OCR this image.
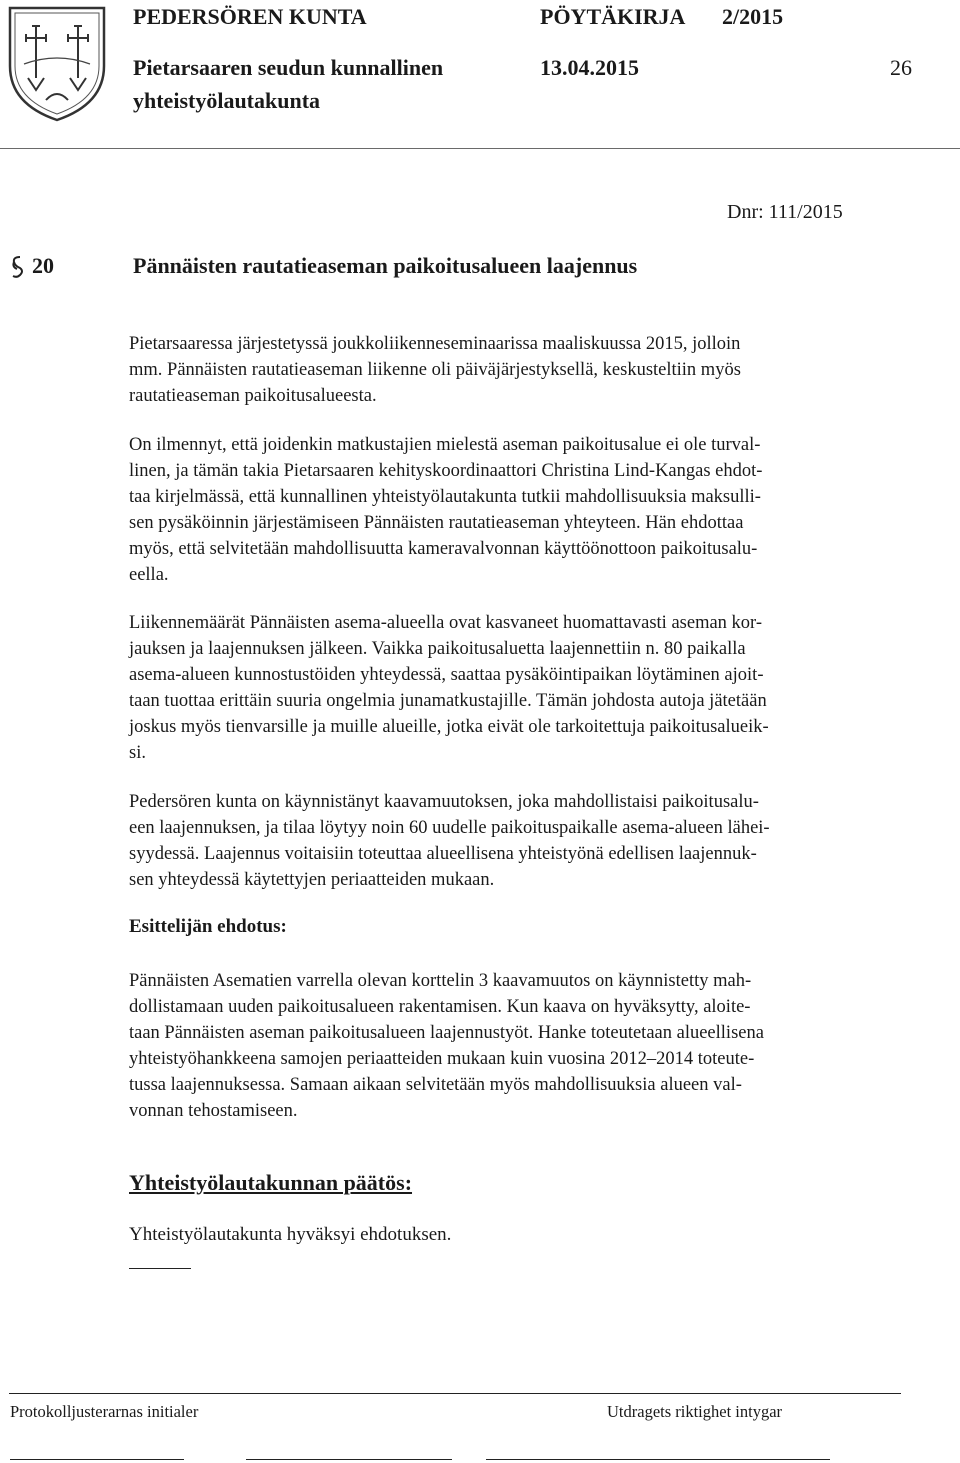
PEDERSÖREN KUNTA
Pietarsaaren seudun kunnallinen
yhteistyölautakunta
PÖYTÄKIRJA 2/2015
13.04.2015	26
Dnr: 111/2015
20	Pännäisten rautatieaseman paikoitusalueen laajennus
Pietarsaaressa järjestetyssä joukkoliikenneseminaarissa maaliskuussa 2015, jolloin
mm. Pännäisten rautatieaseman liikenne oli päiväjärjestyksellä, keskusteltiin myös
rautatieaseman paikoitusalueesta.
On ilmennyt, että joidenkin matkustajien mielestä aseman paikoitusalue ei ole turval-
linen, ja tämän takia Pietarsaaren kehityskoordinaattori Christina Lind-Kangas ehdot-
taa kirjelmässä, että kunnallinen yhteistyölautakunta tutkii mahdollisuuksia maksulli-
sen pysäköinnin järjestämiseen Pännäisten rautatieaseman yhteyteen. Hän ehdottaa
myös, että selvitetään mahdollisuutta kameravalvonnan käyttöönottoon paikoitusalu-
eella.
Liikennemäärät Pännäisten asema-alueella ovat kasvaneet huomattavasti aseman kor-
jauksen ja laajennuksen jälkeen. Vaikka paikoitusaluetta laajennettiin n. 80 paikalla
asema-alueen kunnostustöiden yhteydessä, saattaa pysäköintipaikan löytäminen ajoit-
taan tuottaa erittäin suuria ongelmia junamatkustajille. Tämän johdosta autoja jätetään
joskus myös tienvarsille ja muille alueille, jotka eivät ole tarkoitettuja paikoitusalueik-
si.
Pedersören kunta on käynnistänyt kaavamuutoksen, joka mahdollistaisi paikoitusalu-
een laajennuksen, ja tilaa löytyy noin 60 uudelle paikoituspaikalle asema-alueen lähei-
syydessä. Laajennus voitaisiin toteuttaa alueellisena yhteistyönä edellisen laajennuk-
sen yhteydessä käytettyjen periaatteiden mukaan.
Esittelijän ehdotus:
Pännäisten Asematien varrella olevan korttelin 3 kaavamuutos on käynnistetty mah-
dollistamaan uuden paikoitusalueen rakentamisen. Kun kaava on hyväksytty, aloite-
taan Pännäisten aseman paikoitusalueen laajennustyöt. Hanke toteutetaan alueellisena
yhteistyöhankkeena samojen periaatteiden mukaan kuin vuosina 2012–2014 toteute-
tussa laajennuksessa. Samaan aikaan selvitetään myös mahdollisuuksia alueen val-
vonnan tehostamiseen.
Yhteistyölautakunnan päätös:
Yhteistyölautakunta hyväksyi ehdotuksen.
Protokolljusterarnas initialer	Utdragets riktighet intygar
